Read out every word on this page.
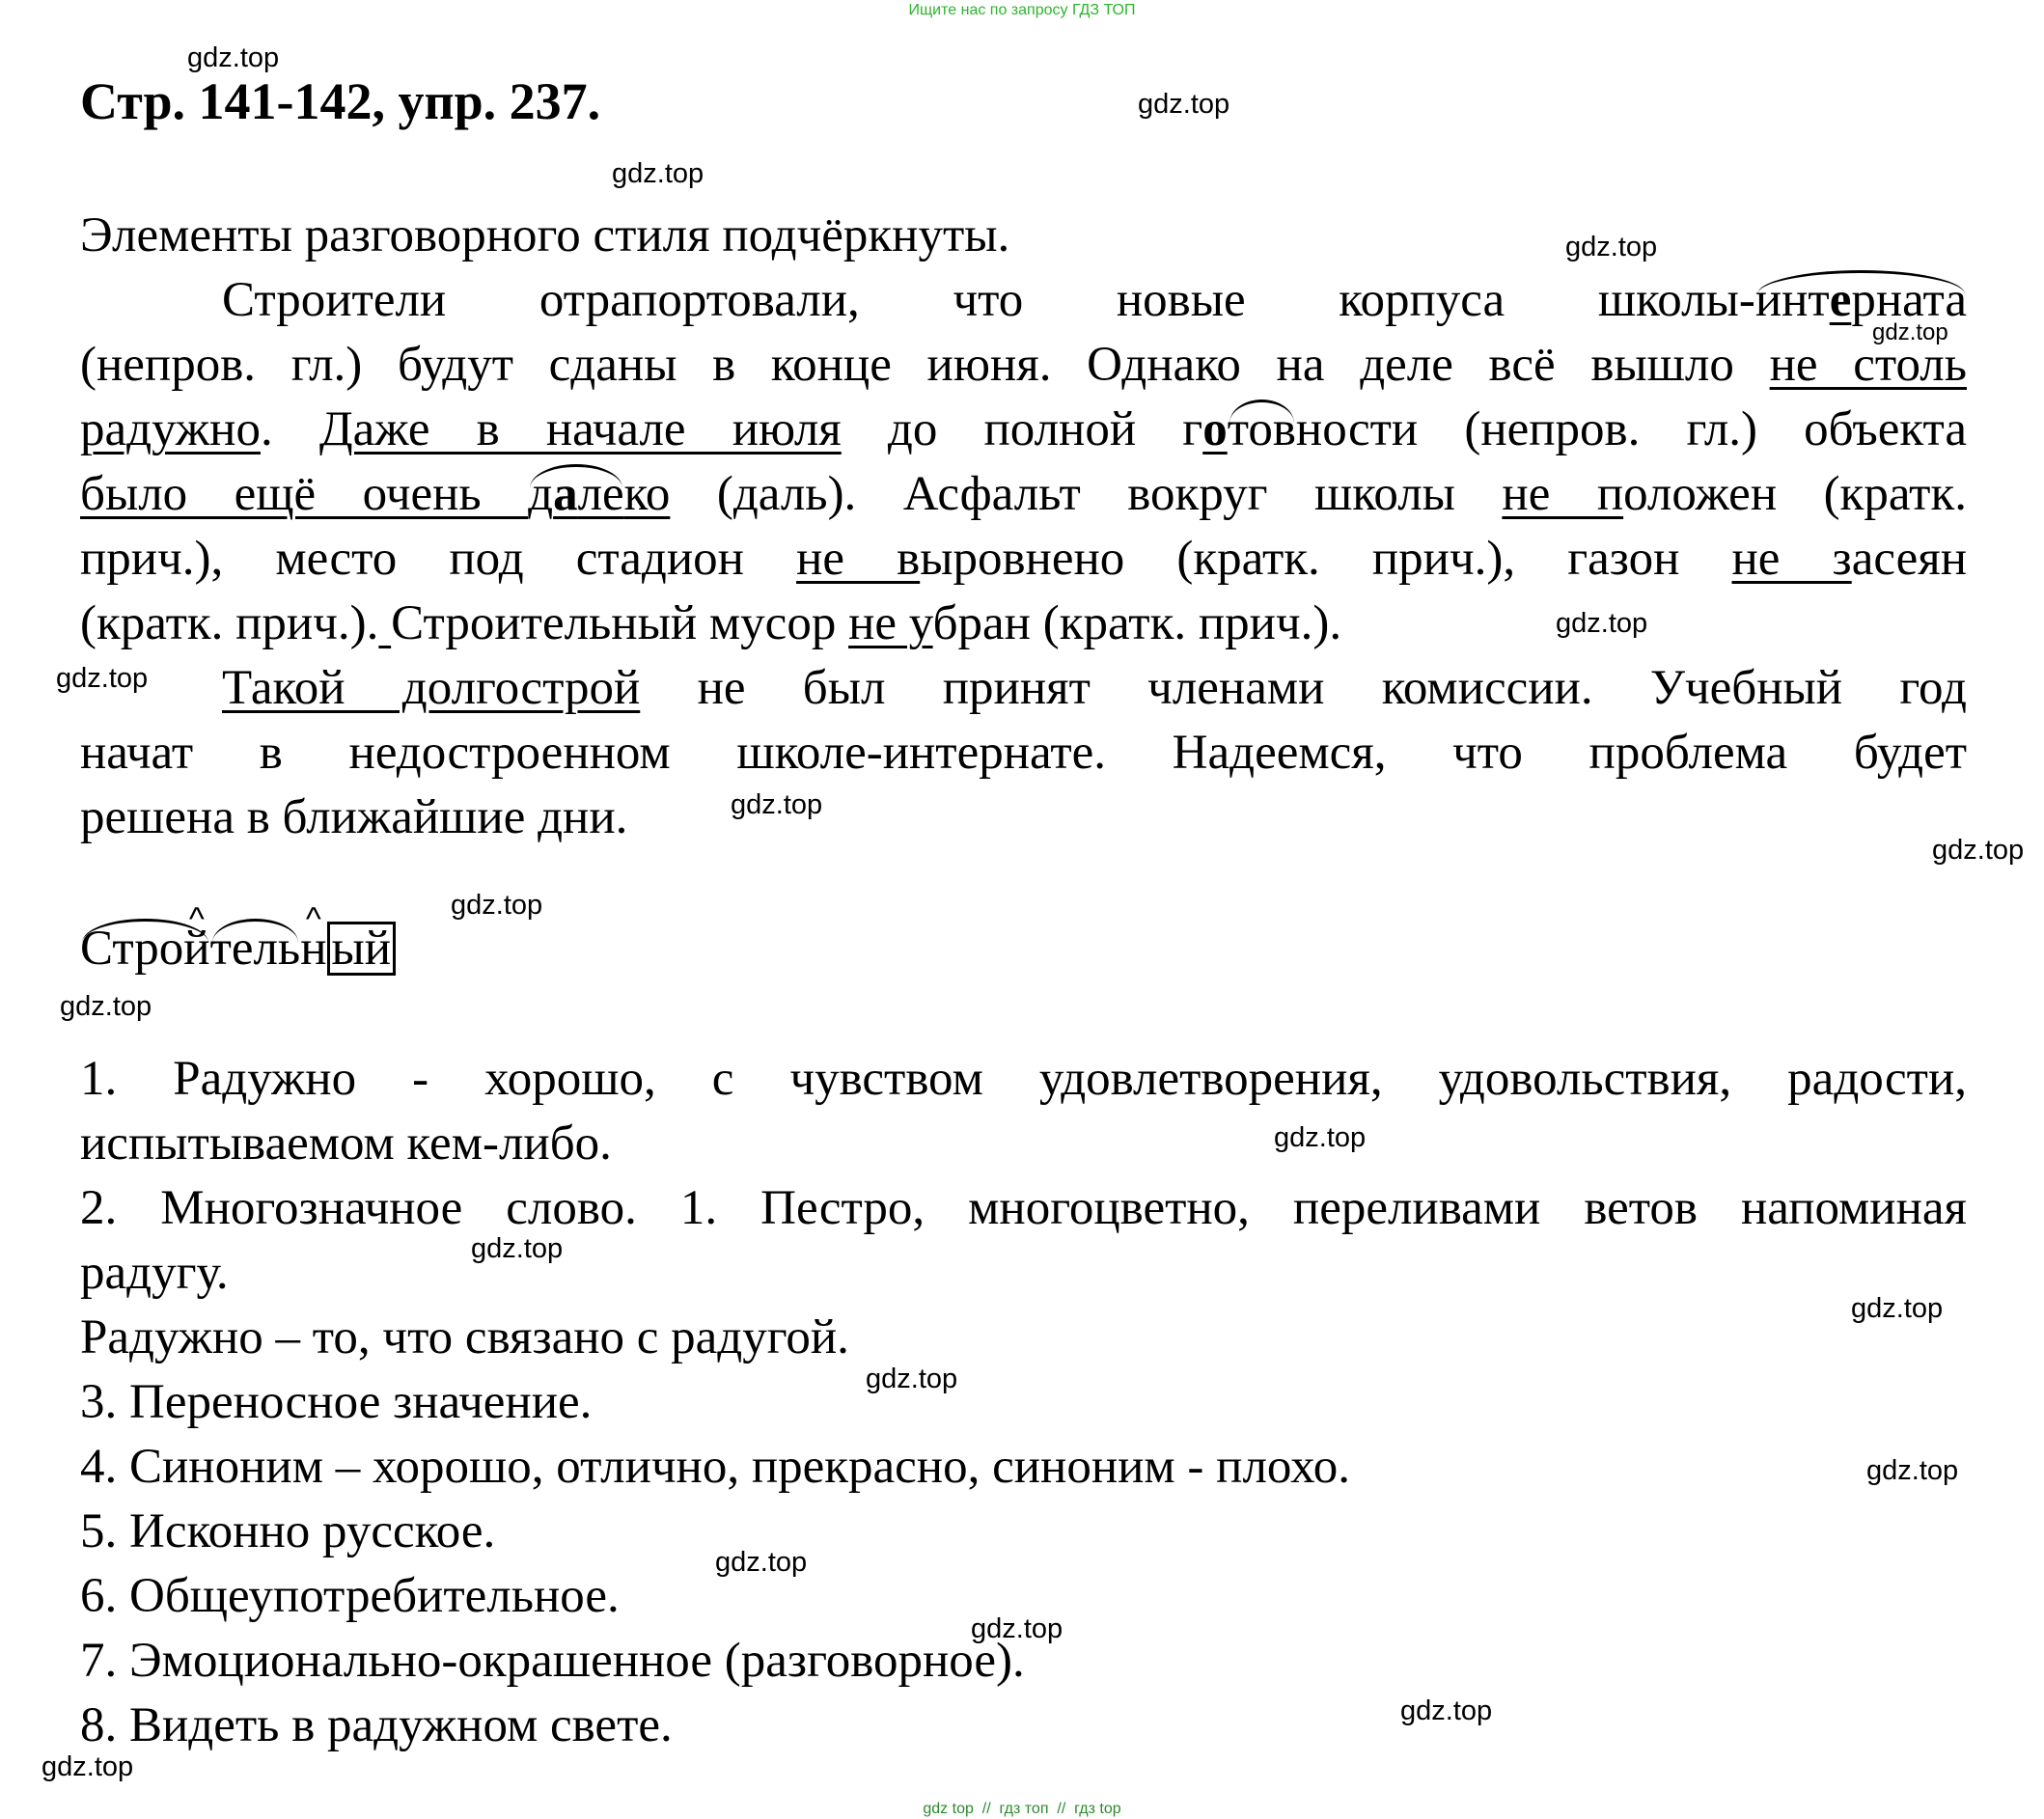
Ищите нас по запросу ГДЗ ТОП
gdz.top
gdz.top
gdz.top
gdz.top
gdz.top
gdz.top
gdz.top
gdz.top
gdz.top
gdz.top
gdz.top
gdz.top
gdz.top
gdz.top
gdz.top
gdz.top
gdz.top
gdz.top
gdz.top
gdz.top
Стр. 141-142, упр. 237.
Элементы разговорного стиля подчёркнуты.
Строители отрапортовали, что новые корпуса школы-интерната
(непров. гл.) будут сданы в конце июня. Однако на деле всё вышло не столь
радужно. Даже в начале июля до полной готовности (непров. гл.) объекта
было ещё очень далеко (даль). Асфальт вокруг школы не положен (кратк.
прич.), место под стадион не выровнено (кратк. прич.), газон не засеян
(кратк. прич.). Строительный мусор не убран (кратк. прич.).
Такой долгострой не был принят членами комиссии. Учебный год
начат в недостроенном школе-интернате. Надеемся, что проблема будет
решена в ближайшие дни.
Стро^ йтель^ ный
1. Радужно - хорошо, с чувством удовлетворения, удовольствия, радости,
испытываемом кем-либо.
2. Многозначное слово. 1. Пестро, многоцветно, переливами ветов напоминая
радугу.
Радужно – то, что связано с радугой.
3. Переносное значение.
4. Синоним – хорошо, отлично, прекрасно, синоним - плохо.
5. Исконно русское.
6. Общеупотребительное.
7. Эмоционально-окрашенное (разговорное).
8. Видеть в радужном свете.
gdz top  //  гдз топ  //  гдз top
